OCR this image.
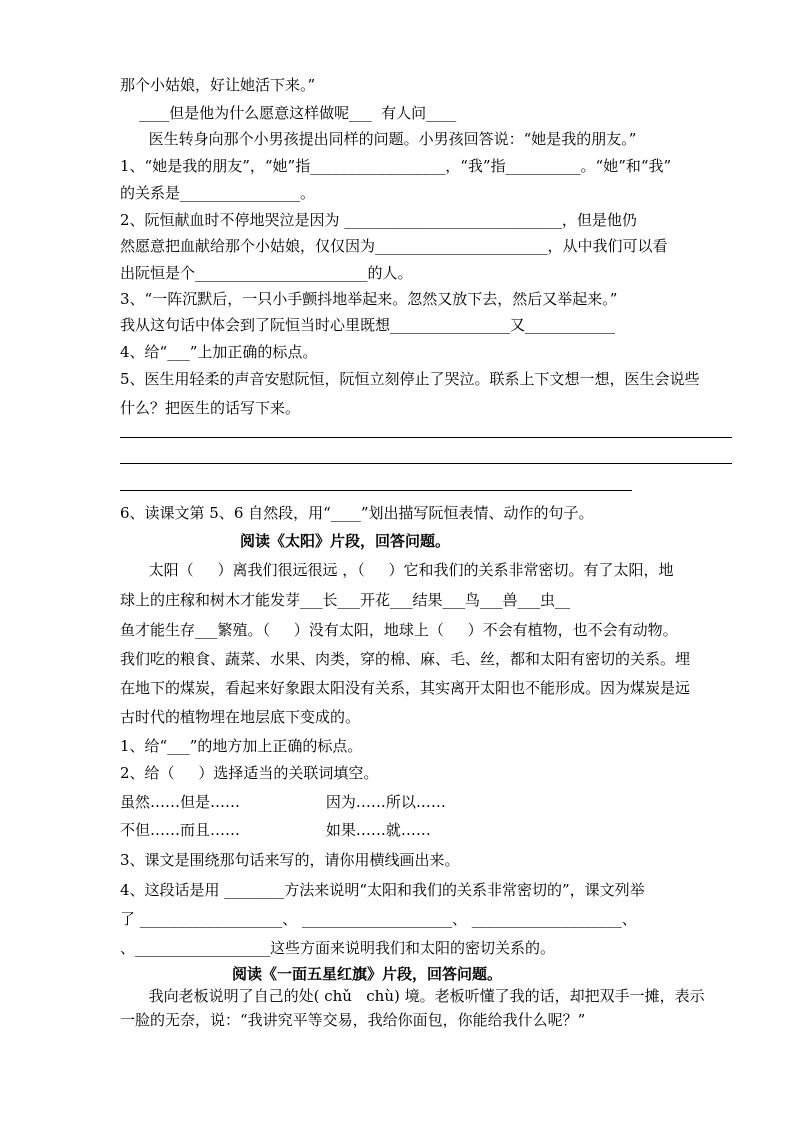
那个小姑娘，好让她活下来。”
____但是他为什么愿意这样做呢___  有人问____
医生转身向那个小男孩提出同样的问题。小男孩回答说：“她是我的朋友。”
1、“她是我的朋友”，“她”指__________________，“我”指__________。“她”和“我”
的关系是________________。
2、阮恒献血时不停地哭泣是因为 _____________________________，但是他仍
然愿意把血献给那个小姑娘，仅仅因为_______________________，从中我们可以看
出阮恒是个_______________________的人。
3、“一阵沉默后，一只小手颤抖地举起来。忽然又放下去，然后又举起来。”
我从这句话中体会到了阮恒当时心里既想________________又____________
4、给“___”上加正确的标点。
5、医生用轻柔的声音安慰阮恒，阮恒立刻停止了哭泣。联系上下文想一想，医生会说些
什么？把医生的话写下来。
6、读课文第 5、6 自然段，用“____”划出描写阮恒表情、动作的句子。
阅读《太阳》片段，回答问题。
太阳（     ）离我们很远很远 ，（     ）它和我们的关系非常密切。有了太阳，地
球上的庄稼和树木才能发芽___长___开花___结果___鸟___兽___虫__
鱼才能生存___繁殖。（     ）没有太阳，地球上（     ）不会有植物，也不会有动物。
我们吃的粮食、蔬菜、水果、肉类，穿的棉、麻、毛、丝，都和太阳有密切的关系。埋
在地下的煤炭，看起来好象跟太阳没有关系，其实离开太阳也不能形成。因为煤炭是远
古时代的植物埋在地层底下变成的。
1、给“___”的地方加上正确的标点。
2、给（     ）选择适当的关联词填空。
虽然……但是……                  因为……所以……
不但……而且……                  如果……就……
3、课文是围绕那句话来写的，请你用横线画出来。
4、这段话是用 ________方法来说明“太阳和我们的关系非常密切的”，课文列举
了 ___________________、 ____________________、 ____________________、
、__________________这些方面来说明我们和太阳的密切关系的。
阅读《一面五星红旗》片段，回答问题。
我向老板说明了自己的处( chǔ   chù) 境。老板听懂了我的话，却把双手一摊，表示
一脸的无奈，说：“我讲究平等交易，我给你面包，你能给我什么呢？”
